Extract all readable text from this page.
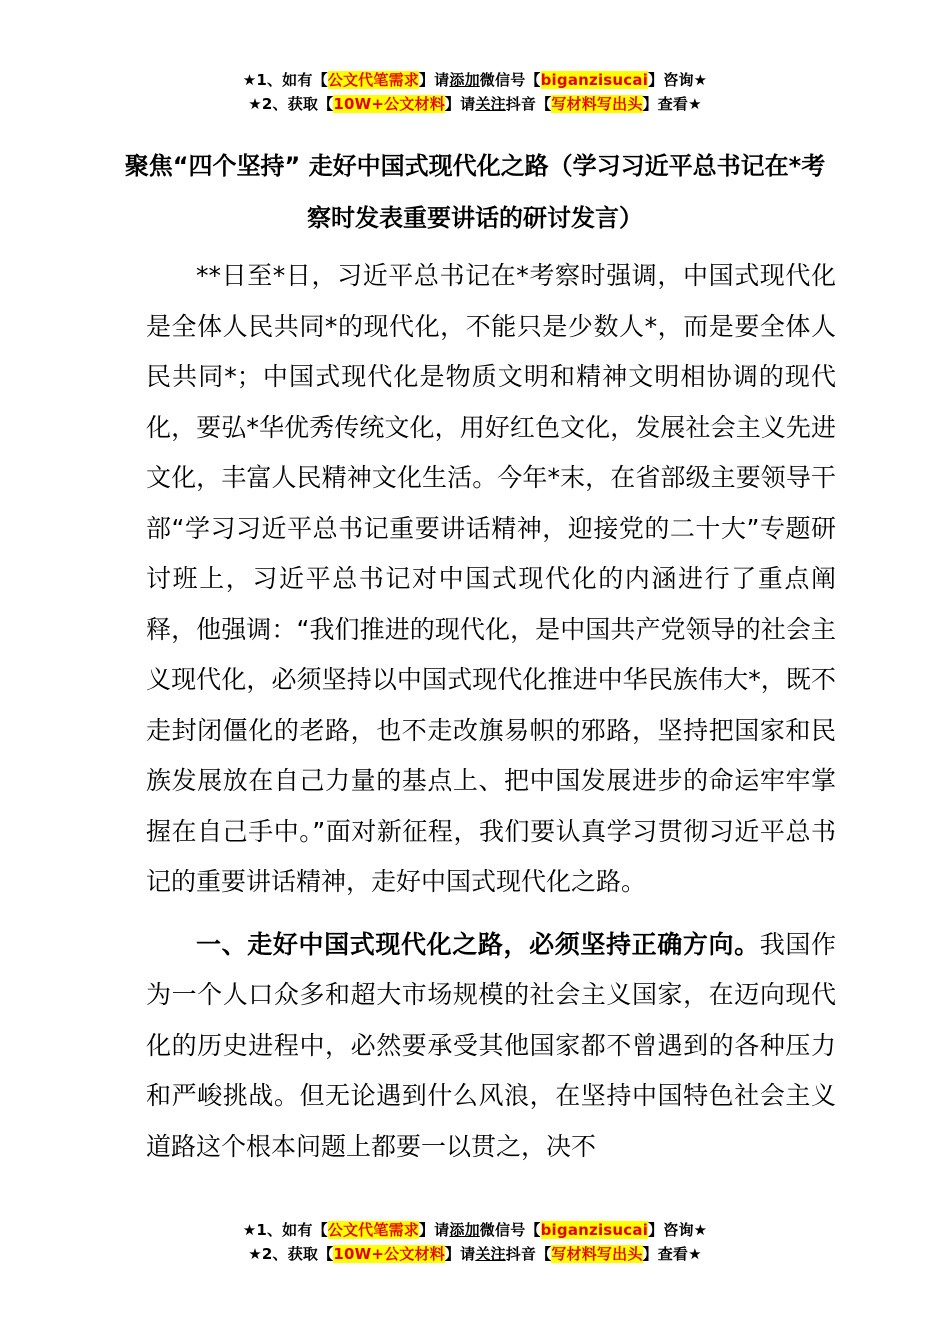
★1、如有【公文代笔需求】请添加微信号【biganzisucai】咨询★
★2、获取【10W+公文材料】请关注抖音【写材料写出头】查看★
聚焦“四个坚持” 走好中国式现代化之路（学习习近平总书记在*考察时发表重要讲话的研讨发言）

**日至*日，习近平总书记在*考察时强调，中国式现代化是全体人民共同*的现代化，不能只是少数人*，而是要全体人民共同*；中国式现代化是物质文明和精神文明相协调的现代化，要弘*华优秀传统文化，用好红色文化，发展社会主义先进文化，丰富人民精神文化生活。今年*末，在省部级主要领导干部“学习习近平总书记重要讲话精神，迎接党的二十大”专题研讨班上，习近平总书记对中国式现代化的内涵进行了重点阐释，他强调：“我们推进的现代化，是中国共产党领导的社会主义现代化，必须坚持以中国式现代化推进中华民族伟大*，既不走封闭僵化的老路，也不走改旗易帜的邪路，坚持把国家和民族发展放在自己力量的基点上、把中国发展进步的命运牢牢掌握在自己手中。”面对新征程，我们要认真学习贯彻习近平总书记的重要讲话精神，走好中国式现代化之路。

一、走好中国式现代化之路，必须坚持正确方向。我国作为一个人口众多和超大市场规模的社会主义国家，在迈向现代化的历史进程中，必然要承受其他国家都不曾遇到的各种压力和严峻挑战。但无论遇到什么风浪，在坚持中国特色社会主义道路这个根本问题上都要一以贯之，决不

★1、如有【公文代笔需求】请添加微信号【biganzisucai】咨询★
★2、获取【10W+公文材料】请关注抖音【写材料写出头】查看★
